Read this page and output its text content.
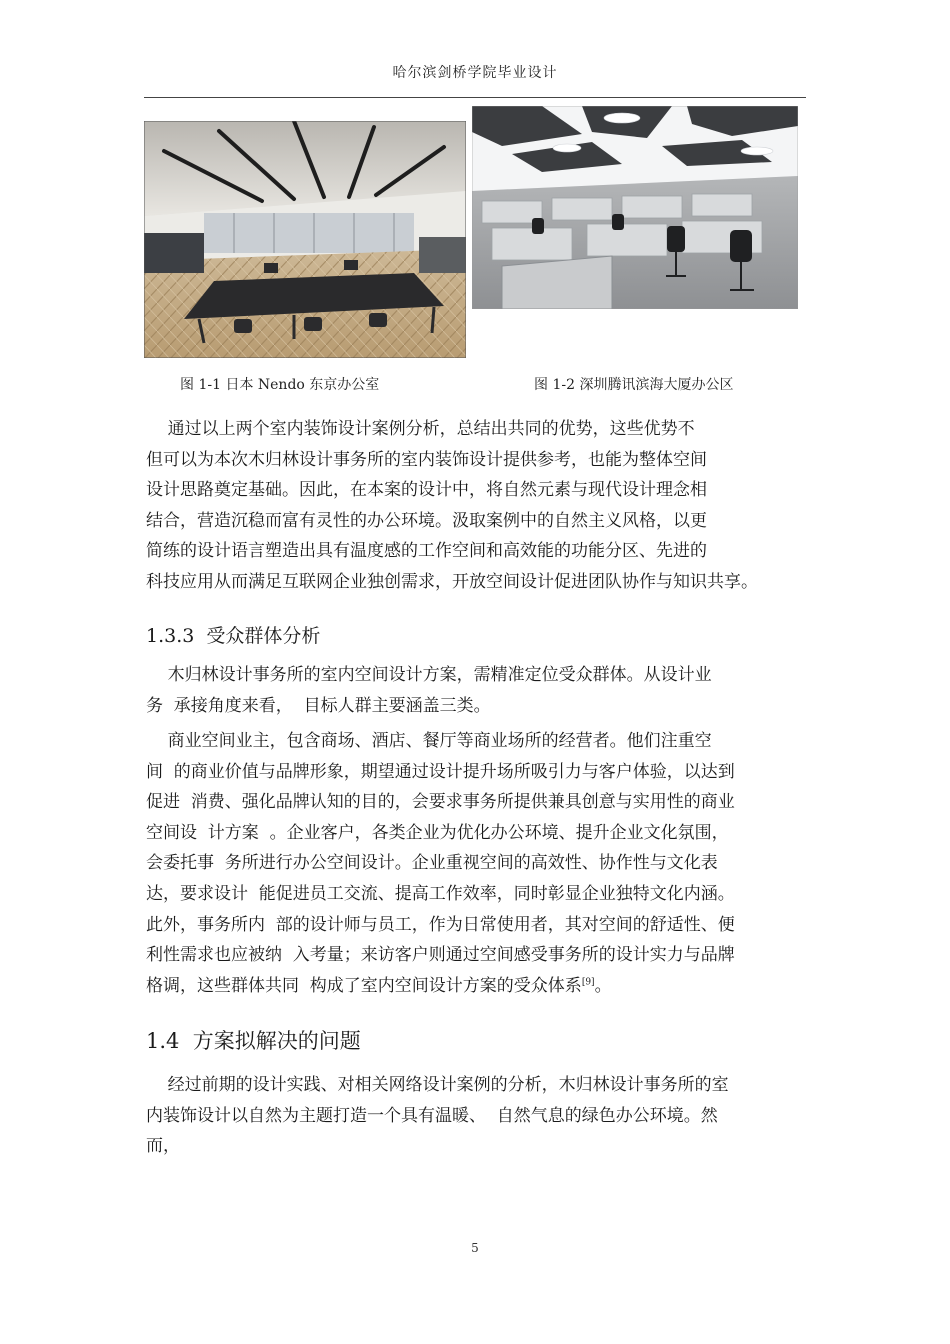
哈尔滨剑桥学院毕业设计
图 1-1 日本 Nendo 东京办公室	图 1-2 深圳腾讯滨海大厦办公区
通过以上两个室内装饰设计案例分析，总结出共同的优势，这些优势不
但可以为本次木归林设计事务所的室内装饰设计提供参考，也能为整体空间
设计思路奠定基础。因此，在本案的设计中，将自然元素与现代设计理念相
结合，营造沉稳而富有灵性的办公环境。汲取案例中的自然主义风格，以更
简练的设计语言塑造出具有温度感的工作空间和高效能的功能分区、先进的
科技应用从而满足互联网企业独创需求，开放空间设计促进团队协作与知识共享。
1.3.3  受众群体分析
木归林设计事务所的室内空间设计方案，需精准定位受众群体。从设计业
务  承接角度来看，  目标人群主要涵盖三类。
商业空间业主，包含商场、酒店、餐厅等商业场所的经营者。他们注重空
间  的商业价值与品牌形象，期望通过设计提升场所吸引力与客户体验，以达到
促进  消费、强化品牌认知的目的，会要求事务所提供兼具创意与实用性的商业
空间设  计方案  。企业客户，各类企业为优化办公环境、提升企业文化氛围，
会委托事  务所进行办公空间设计。企业重视空间的高效性、协作性与文化表
达，要求设计  能促进员工交流、提高工作效率，同时彰显企业独特文化内涵。
此外，事务所内  部的设计师与员工，作为日常使用者，其对空间的舒适性、便
利性需求也应被纳  入考量；来访客户则通过空间感受事务所的设计实力与品牌
格调，这些群体共同  构成了室内空间设计方案的受众体系[9]。
1.4  方案拟解决的问题
经过前期的设计实践、对相关网络设计案例的分析，木归林设计事务所的室
内装饰设计以自然为主题打造一个具有温暖、  自然气息的绿色办公环境。然
而，
5
